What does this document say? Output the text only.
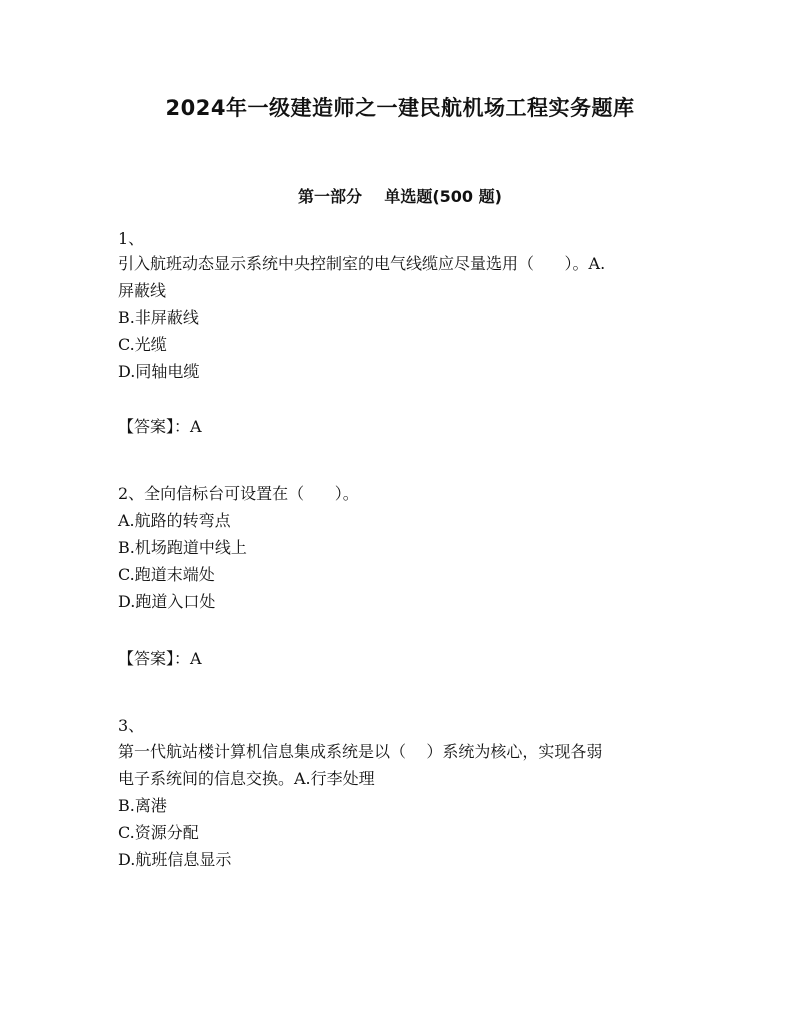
2024年一级建造师之一建民航机场工程实务题库
第一部分    单选题(500 题)
1、
引入航班动态显示系统中央控制室的电气线缆应尽量选用（      ）。A.
屏蔽线
B.非屏蔽线
C.光缆
D.同轴电缆
【答案】：A
2、全向信标台可设置在（      ）。
A.航路的转弯点
B.机场跑道中线上
C.跑道末端处
D.跑道入口处
【答案】：A
3、
第一代航站楼计算机信息集成系统是以（    ）系统为核心，实现各弱
电子系统间的信息交换。A.行李处理
B.离港
C.资源分配
D.航班信息显示
